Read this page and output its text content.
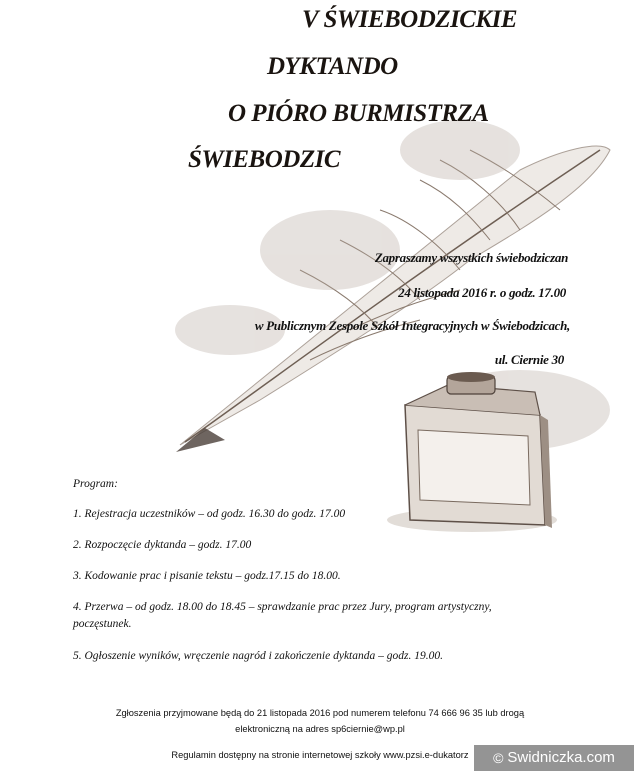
V ŚWIEBODZICKIE
DYKTANDO
O PIÓRO BURMISTRZA
ŚWIEBODZIC
Zapraszamy wszystkich świebodziczan
24 listopada 2016 r. o godz. 17.00
w Publicznym Zespole Szkół Integracyjnych w Świebodzicach,
ul. Ciernie 30
Program:
1. Rejestracja uczestników – od godz. 16.30 do godz. 17.00
2. Rozpoczęcie dyktanda – godz. 17.00
3. Kodowanie prac i pisanie tekstu – godz.17.15 do 18.00.
4. Przerwa – od godz. 18.00 do 18.45 – sprawdzanie prac przez Jury, program artystyczny,
poczęstunek.
5. Ogłoszenie wyników, wręczenie nagród i zakończenie dyktanda – godz. 19.00.
Zgłoszenia przyjmowane będą do 21 listopada 2016 pod numerem telefonu 74 666 96 35 lub drogą
elektroniczną na adres sp6ciernie@wp.pl
Regulamin dostępny na stronie internetowej szkoły www.pzsi.e-dukatorz	© Swidniczka.com
